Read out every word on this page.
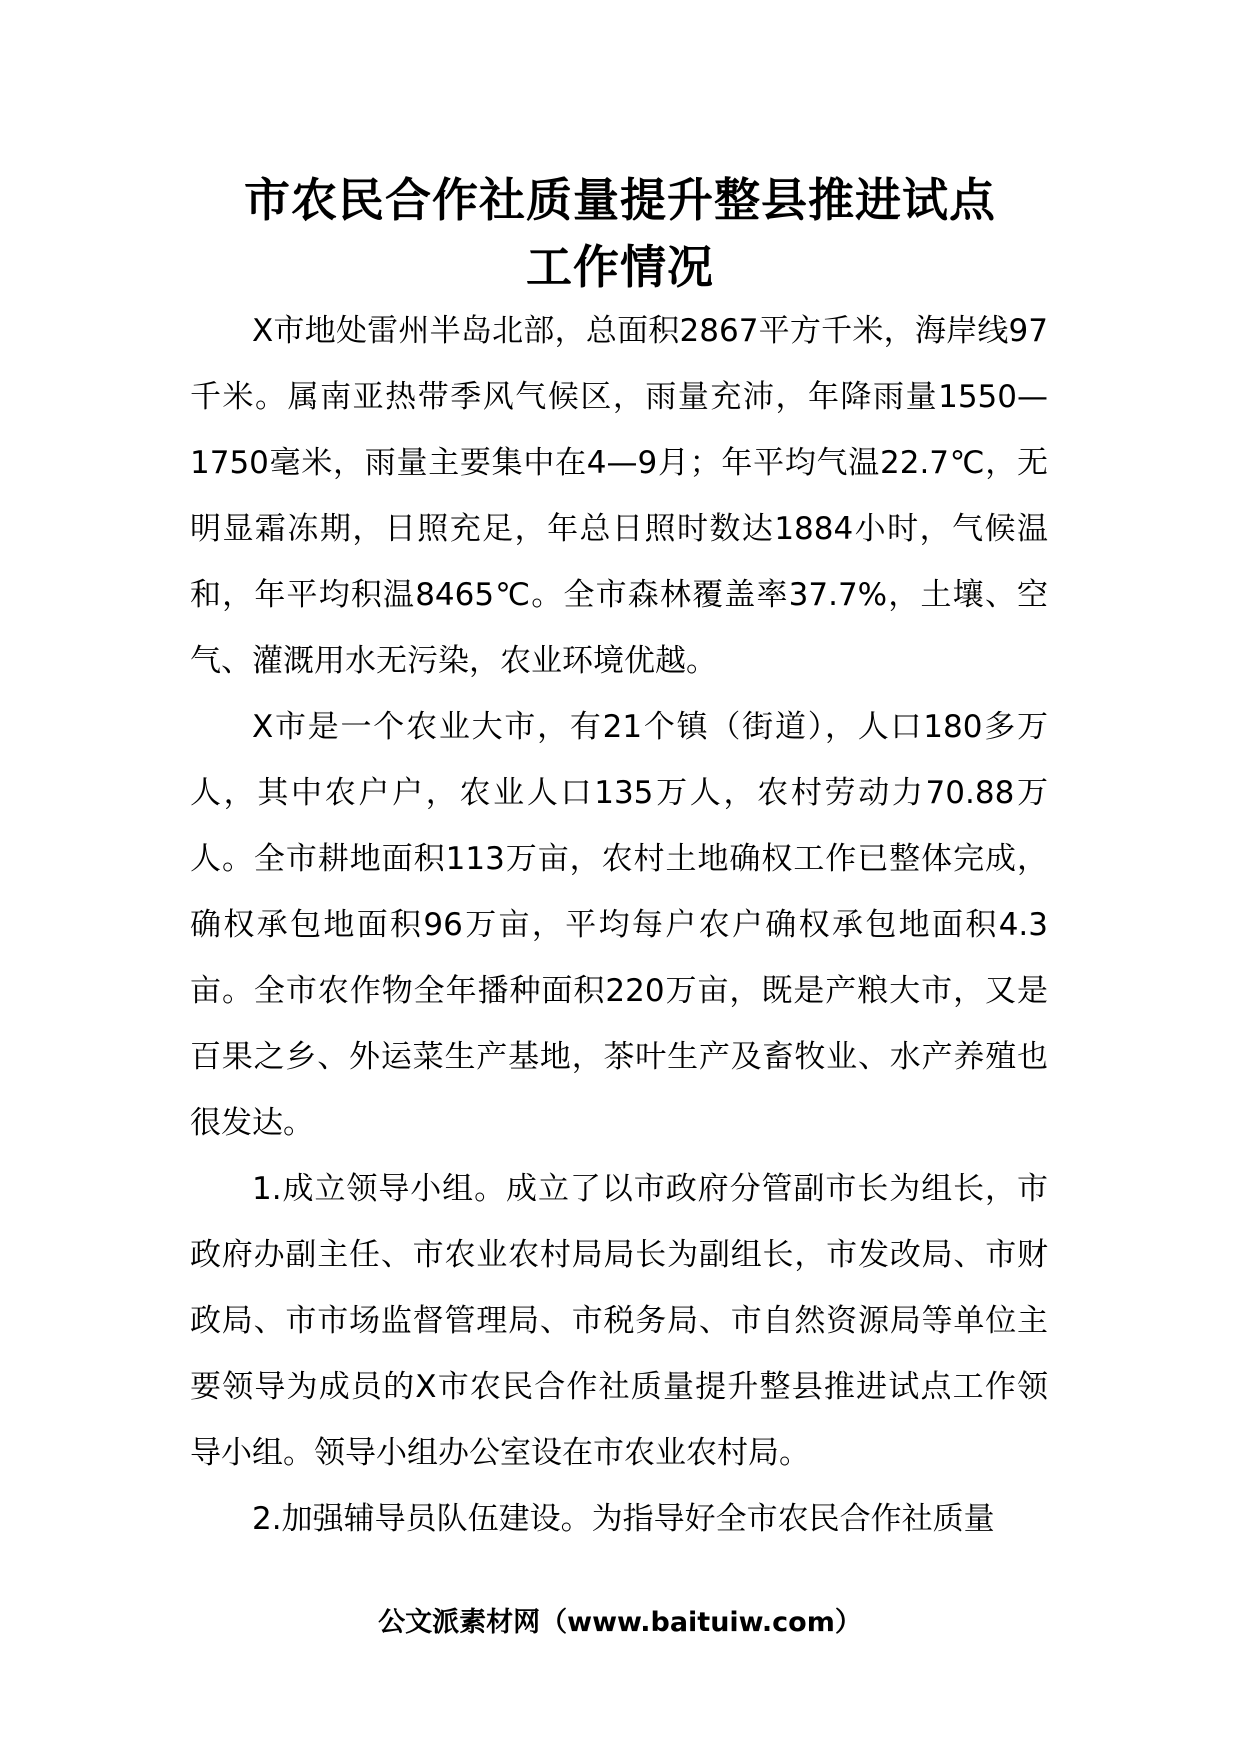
市农民合作社质量提升整县推进试点
工作情况

X市地处雷州半岛北部，总面积2867平方千米，海岸线97千米。属南亚热带季风气候区，雨量充沛，年降雨量1550—1750毫米，雨量主要集中在4—9月；年平均气温22.7℃，无明显霜冻期，日照充足，年总日照时数达1884小时，气候温和，年平均积温8465℃。全市森林覆盖率37.7%，土壤、空气、灌溉用水无污染，农业环境优越。

X市是一个农业大市，有21个镇（街道），人口180多万人，其中农户户，农业人口135万人，农村劳动力70.88万人。全市耕地面积113万亩，农村土地确权工作已整体完成，确权承包地面积96万亩，平均每户农户确权承包地面积4.3亩。全市农作物全年播种面积220万亩，既是产粮大市，又是百果之乡、外运菜生产基地，茶叶生产及畜牧业、水产养殖也很发达。

1.成立领导小组。成立了以市政府分管副市长为组长，市政府办副主任、市农业农村局局长为副组长，市发改局、市财政局、市市场监督管理局、市税务局、市自然资源局等单位主要领导为成员的X市农民合作社质量提升整县推进试点工作领导小组。领导小组办公室设在市农业农村局。

2.加强辅导员队伍建设。为指导好全市农民合作社质量

公文派素材网（www.baituiw.com）
